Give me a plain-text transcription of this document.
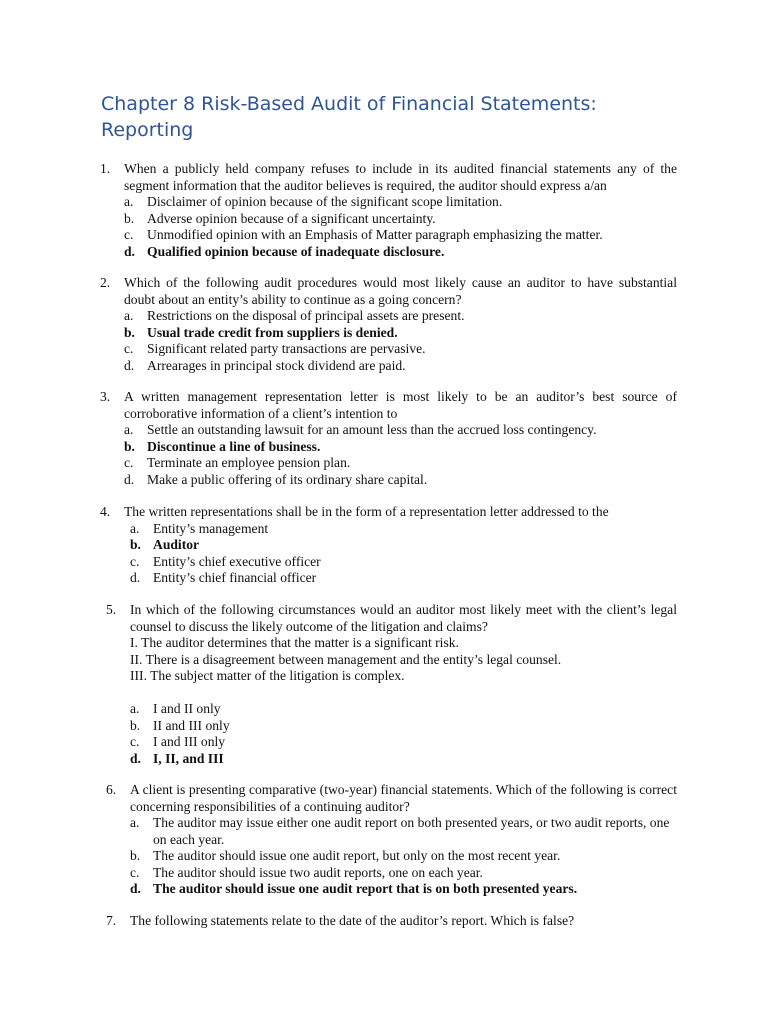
Chapter 8 Risk-Based Audit of Financial Statements: Reporting
1. When a publicly held company refuses to include in its audited financial statements any of the segment information that the auditor believes is required, the auditor should express a/an
a. Disclaimer of opinion because of the significant scope limitation.
b. Adverse opinion because of a significant uncertainty.
c. Unmodified opinion with an Emphasis of Matter paragraph emphasizing the matter.
d. Qualified opinion because of inadequate disclosure.
2. Which of the following audit procedures would most likely cause an auditor to have substantial doubt about an entity’s ability to continue as a going concern?
a. Restrictions on the disposal of principal assets are present.
b. Usual trade credit from suppliers is denied.
c. Significant related party transactions are pervasive.
d. Arrearages in principal stock dividend are paid.
3. A written management representation letter is most likely to be an auditor’s best source of corroborative information of a client’s intention to
a. Settle an outstanding lawsuit for an amount less than the accrued loss contingency.
b. Discontinue a line of business.
c. Terminate an employee pension plan.
d. Make a public offering of its ordinary share capital.
4. The written representations shall be in the form of a representation letter addressed to the
a. Entity’s management
b. Auditor
c. Entity’s chief executive officer
d. Entity’s chief financial officer
5. In which of the following circumstances would an auditor most likely meet with the client’s legal counsel to discuss the likely outcome of the litigation and claims?
I. The auditor determines that the matter is a significant risk.
II. There is a disagreement between management and the entity’s legal counsel.
III. The subject matter of the litigation is complex.
a. I and II only
b. II and III only
c. I and III only
d. I, II, and III
6. A client is presenting comparative (two-year) financial statements. Which of the following is correct concerning responsibilities of a continuing auditor?
a. The auditor may issue either one audit report on both presented years, or two audit reports, one on each year.
b. The auditor should issue one audit report, but only on the most recent year.
c. The auditor should issue two audit reports, one on each year.
d. The auditor should issue one audit report that is on both presented years.
7. The following statements relate to the date of the auditor’s report. Which is false?
